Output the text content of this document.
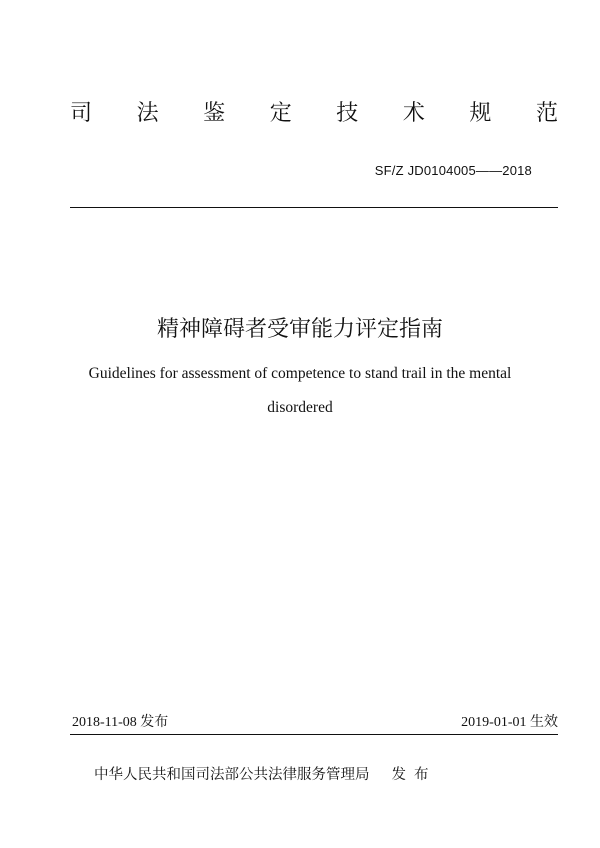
司 法 鉴 定 技 术 规 范
SF/Z JD0104005——2018
精神障碍者受审能力评定指南
Guidelines for assessment of competence to stand trail in the mental disordered
2018-11-08 发布	2019-01-01 生效
中华人民共和国司法部公共法律服务管理局 发布
